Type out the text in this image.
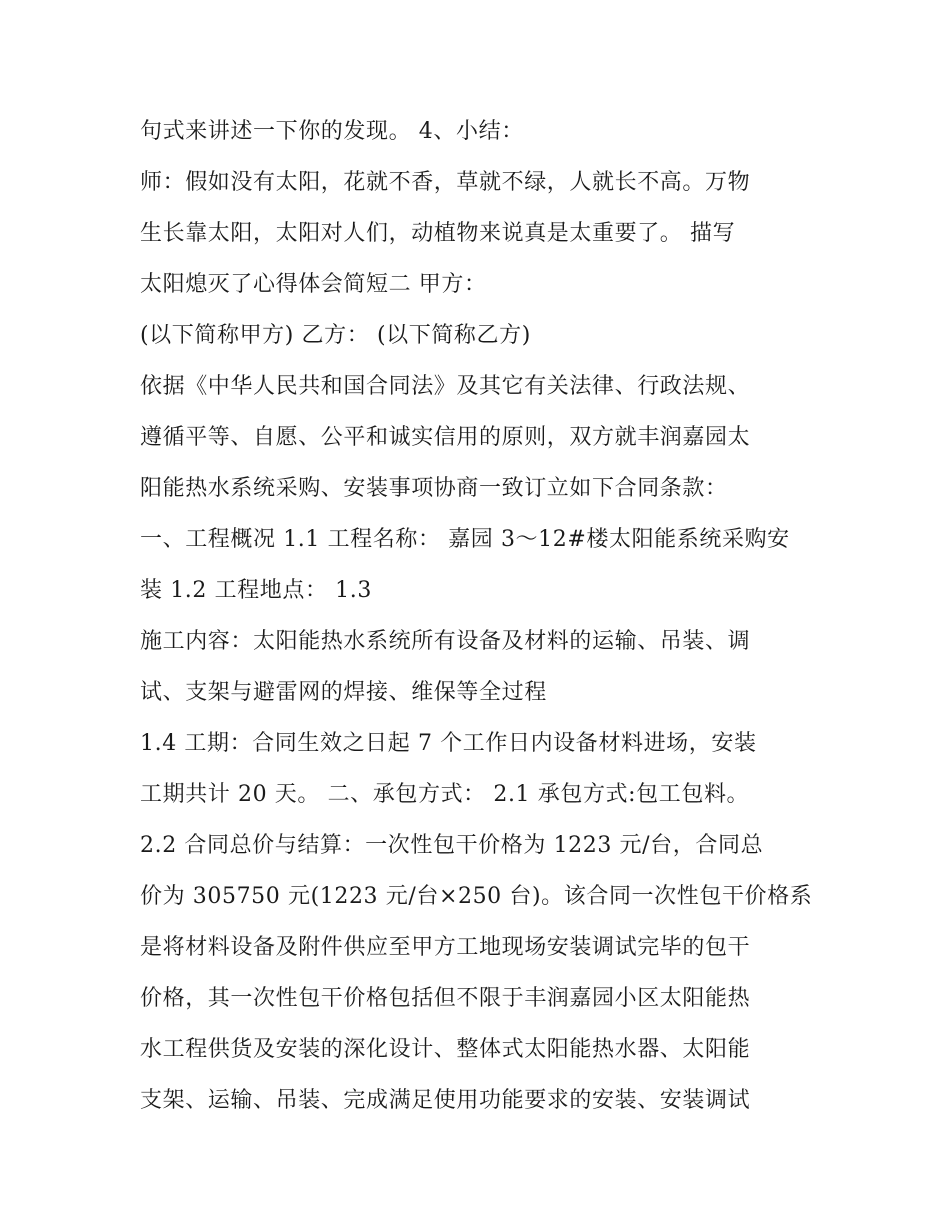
句式来讲述一下你的发现。 4、小结：
师：假如没有太阳，花就不香，草就不绿，人就长不高。万物
生长靠太阳，太阳对人们，动植物来说真是太重要了。 描写
太阳熄灭了心得体会简短二 甲方：
(以下简称甲方) 乙方： (以下简称乙方)
依据《中华人民共和国合同法》及其它有关法律、行政法规、
遵循平等、自愿、公平和诚实信用的原则，双方就丰润嘉园太
阳能热水系统采购、安装事项协商一致订立如下合同条款：
一、工程概况 1.1 工程名称： 嘉园 3～12#楼太阳能系统采购安
装 1.2 工程地点： 1.3
施工内容：太阳能热水系统所有设备及材料的运输、吊装、调
试、支架与避雷网的焊接、维保等全过程
1.4 工期：合同生效之日起 7 个工作日内设备材料进场，安装
工期共计 20 天。 二、承包方式： 2.1 承包方式:包工包料。
2.2 合同总价与结算：一次性包干价格为 1223 元/台，合同总
价为 305750 元(1223 元/台×250 台)。该合同一次性包干价格系
是将材料设备及附件供应至甲方工地现场安装调试完毕的包干
价格，其一次性包干价格包括但不限于丰润嘉园小区太阳能热
水工程供货及安装的深化设计、整体式太阳能热水器、太阳能
支架、运输、吊装、完成满足使用功能要求的安装、安装调试
